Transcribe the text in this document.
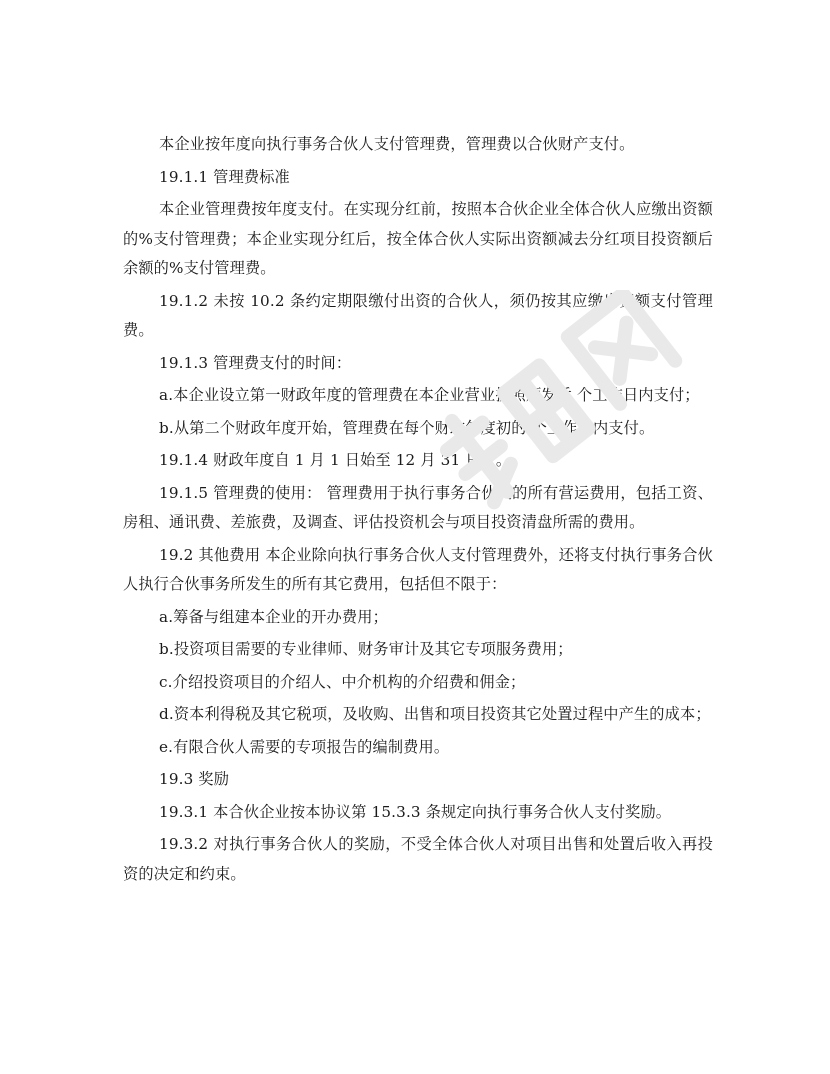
本企业按年度向执行事务合伙人支付管理费，管理费以合伙财产支付。

19.1.1 管理费标准

本企业管理费按年度支付。在实现分红前，按照本合伙企业全体合伙人应缴出资额的%支付管理费；本企业实现分红后，按全体合伙人实际出资额减去分红项目投资额后余额的%支付管理费。

19.1.2 未按 10.2 条约定期限缴付出资的合伙人，须仍按其应缴出资额支付管理费。

19.1.3 管理费支付的时间：

a.本企业设立第一财政年度的管理费在本企业营业执照颁发后 个工作日内支付；

b.从第二个财政年度开始，管理费在每个财政年度初的 个工作日内支付。

19.1.4 财政年度自 1 月 1 日始至 12 月 31 日止。

19.1.5 管理费的使用： 管理费用于执行事务合伙人的所有营运费用，包括工资、房租、通讯费、差旅费，及调查、评估投资机会与项目投资清盘所需的费用。

19.2 其他费用 本企业除向执行事务合伙人支付管理费外，还将支付执行事务合伙人执行合伙事务所发生的所有其它费用，包括但不限于：

a.筹备与组建本企业的开办费用；

b.投资项目需要的专业律师、财务审计及其它专项服务费用；

c.介绍投资项目的介绍人、中介机构的介绍费和佣金；

d.资本利得税及其它税项，及收购、出售和项目投资其它处置过程中产生的成本；

e.有限合伙人需要的专项报告的编制费用。

19.3 奖励

19.3.1 本合伙企业按本协议第 15.3.3 条规定向执行事务合伙人支付奖励。

19.3.2 对执行事务合伙人的奖励，不受全体合伙人对项目出售和处置后收入再投资的决定和约束。
